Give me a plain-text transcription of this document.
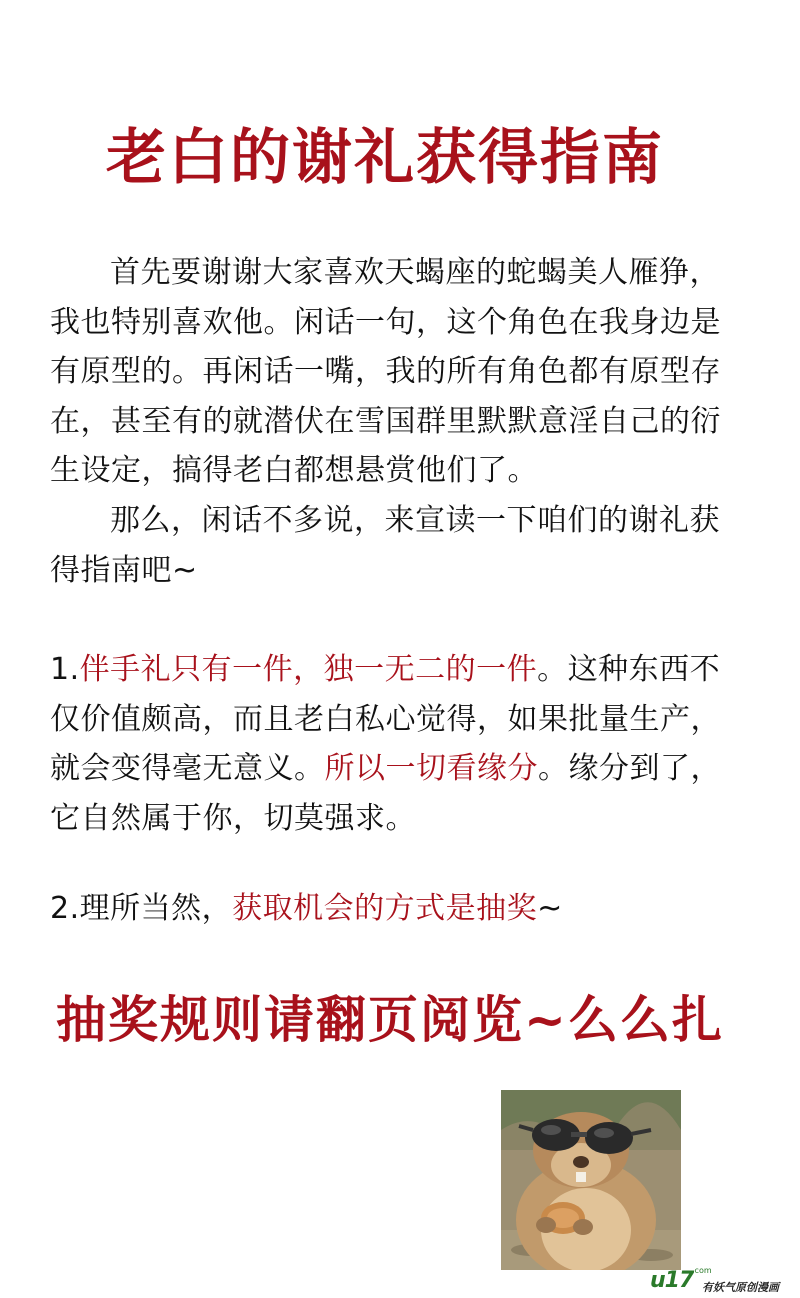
老白的谢礼获得指南
首先要谢谢大家喜欢天蝎座的蛇蝎美人雁狰，我也特别喜欢他。闲话一句，这个角色在我身边是有原型的。再闲话一嘴，我的所有角色都有原型存在，甚至有的就潜伏在雪国群里默默意淫自己的衍生设定，搞得老白都想悬赏他们了。
那么，闲话不多说，来宣读一下咱们的谢礼获得指南吧~
1.伴手礼只有一件，独一无二的一件。这种东西不仅价值颇高，而且老白私心觉得，如果批量生产，就会变得毫无意义。所以一切看缘分。缘分到了，它自然属于你，切莫强求。
2.理所当然，获取机会的方式是抽奖~
抽奖规则请翻页阅览~么么扎
u17
.com
有妖气原创漫画
